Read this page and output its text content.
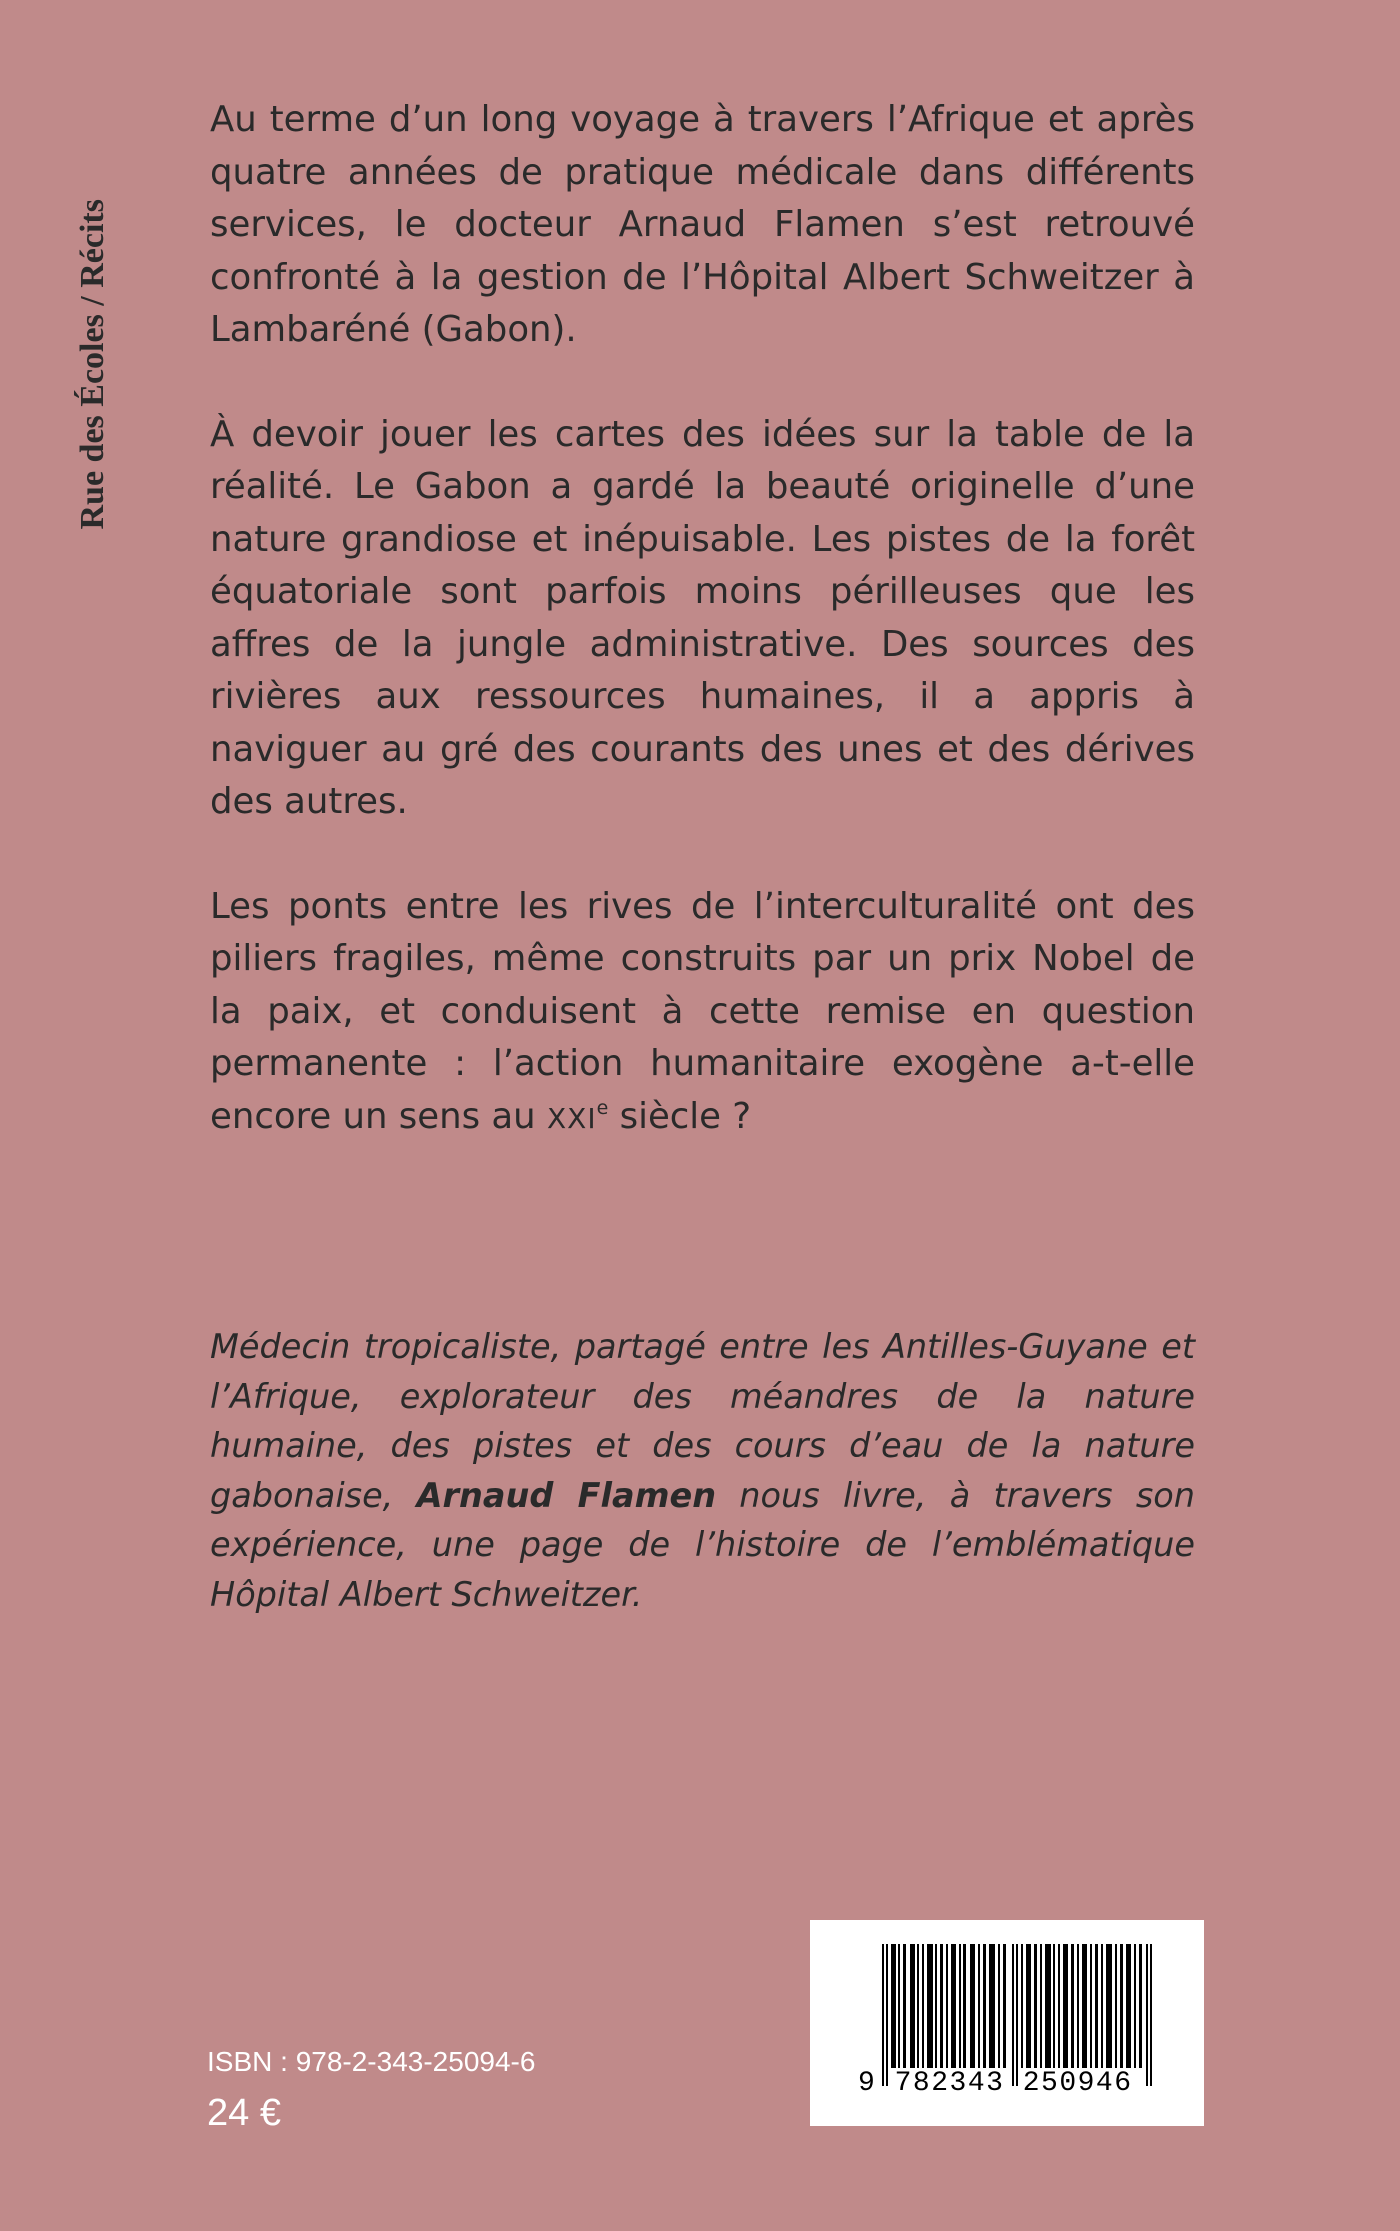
Rue des Écoles / Récits

Au terme d’un long voyage à travers l’Afrique et après quatre années de pratique médicale dans différents services, le docteur Arnaud Flamen s’est retrouvé confronté à la gestion de l’Hôpital Albert Schweitzer à Lambaréné (Gabon).

À devoir jouer les cartes des idées sur la table de la réalité. Le Gabon a gardé la beauté originelle d’une nature grandiose et inépuisable. Les pistes de la forêt équatoriale sont parfois moins périlleuses que les affres de la jungle administrative. Des sources des rivières aux ressources humaines, il a appris à naviguer au gré des courants des unes et des dérives des autres.

Les ponts entre les rives de l’interculturalité ont des piliers fragiles, même construits par un prix Nobel de la paix, et conduisent à cette remise en question permanente : l’action humanitaire exogène a-t-elle encore un sens au XXIe siècle ?

Médecin tropicaliste, partagé entre les Antilles-Guyane et l’Afrique, explorateur des méandres de la nature humaine, des pistes et des cours d’eau de la nature gabonaise, Arnaud Flamen nous livre, à travers son expérience, une page de l’histoire de l’emblématique Hôpital Albert Schweitzer.

ISBN : 978-2-343-25094-6
24 €
9 782343 250946
